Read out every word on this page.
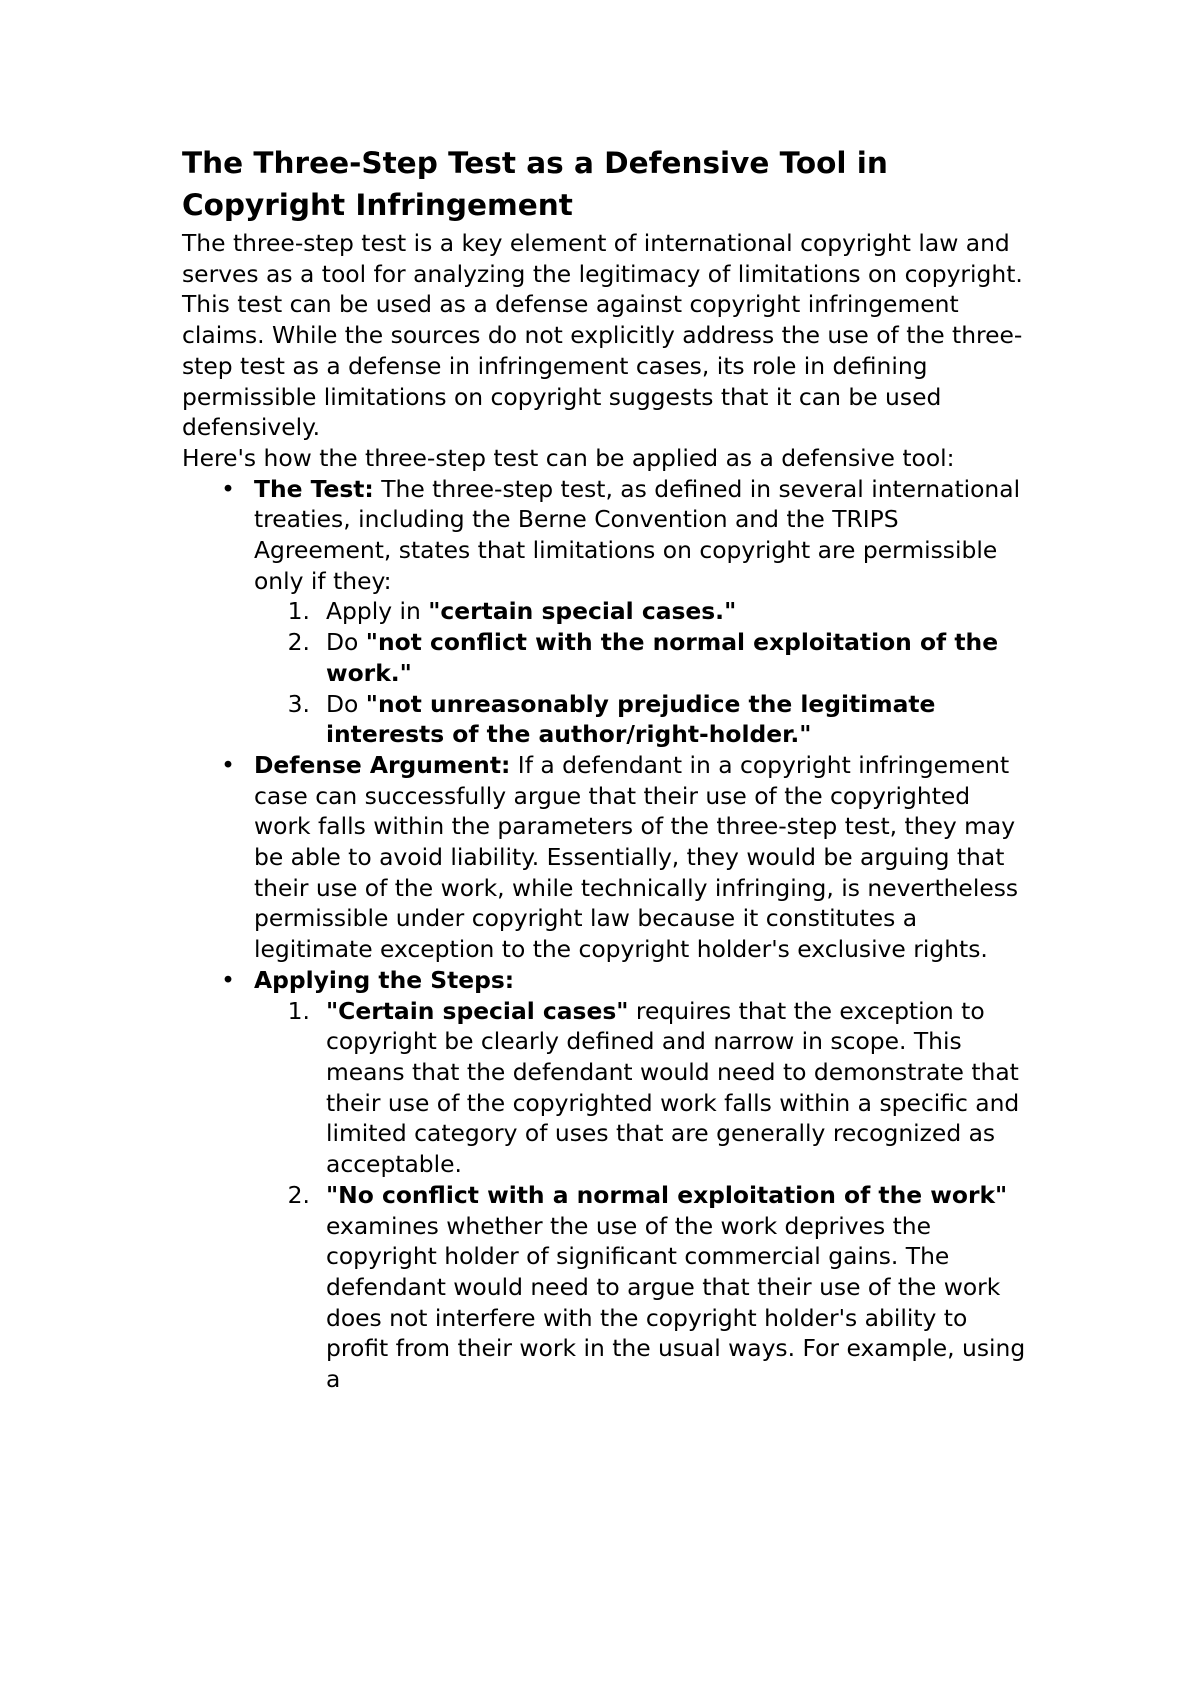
The Three-Step Test as a Defensive Tool in Copyright Infringement

The three-step test is a key element of international copyright law and serves as a tool for analyzing the legitimacy of limitations on copyright. This test can be used as a defense against copyright infringement claims. While the sources do not explicitly address the use of the three-step test as a defense in infringement cases, its role in defining permissible limitations on copyright suggests that it can be used defensively.

Here's how the three-step test can be applied as a defensive tool:

• The Test: The three-step test, as defined in several international treaties, including the Berne Convention and the TRIPS Agreement, states that limitations on copyright are permissible only if they:
1. Apply in "certain special cases."
2. Do "not conflict with the normal exploitation of the work."
3. Do "not unreasonably prejudice the legitimate interests of the author/right-holder."
• Defense Argument: If a defendant in a copyright infringement case can successfully argue that their use of the copyrighted work falls within the parameters of the three-step test, they may be able to avoid liability. Essentially, they would be arguing that their use of the work, while technically infringing, is nevertheless permissible under copyright law because it constitutes a legitimate exception to the copyright holder's exclusive rights.
• Applying the Steps:
1. "Certain special cases" requires that the exception to copyright be clearly defined and narrow in scope. This means that the defendant would need to demonstrate that their use of the copyrighted work falls within a specific and limited category of uses that are generally recognized as acceptable.
2. "No conflict with a normal exploitation of the work" examines whether the use of the work deprives the copyright holder of significant commercial gains. The defendant would need to argue that their use of the work does not interfere with the copyright holder's ability to profit from their work in the usual ways. For example, using a
